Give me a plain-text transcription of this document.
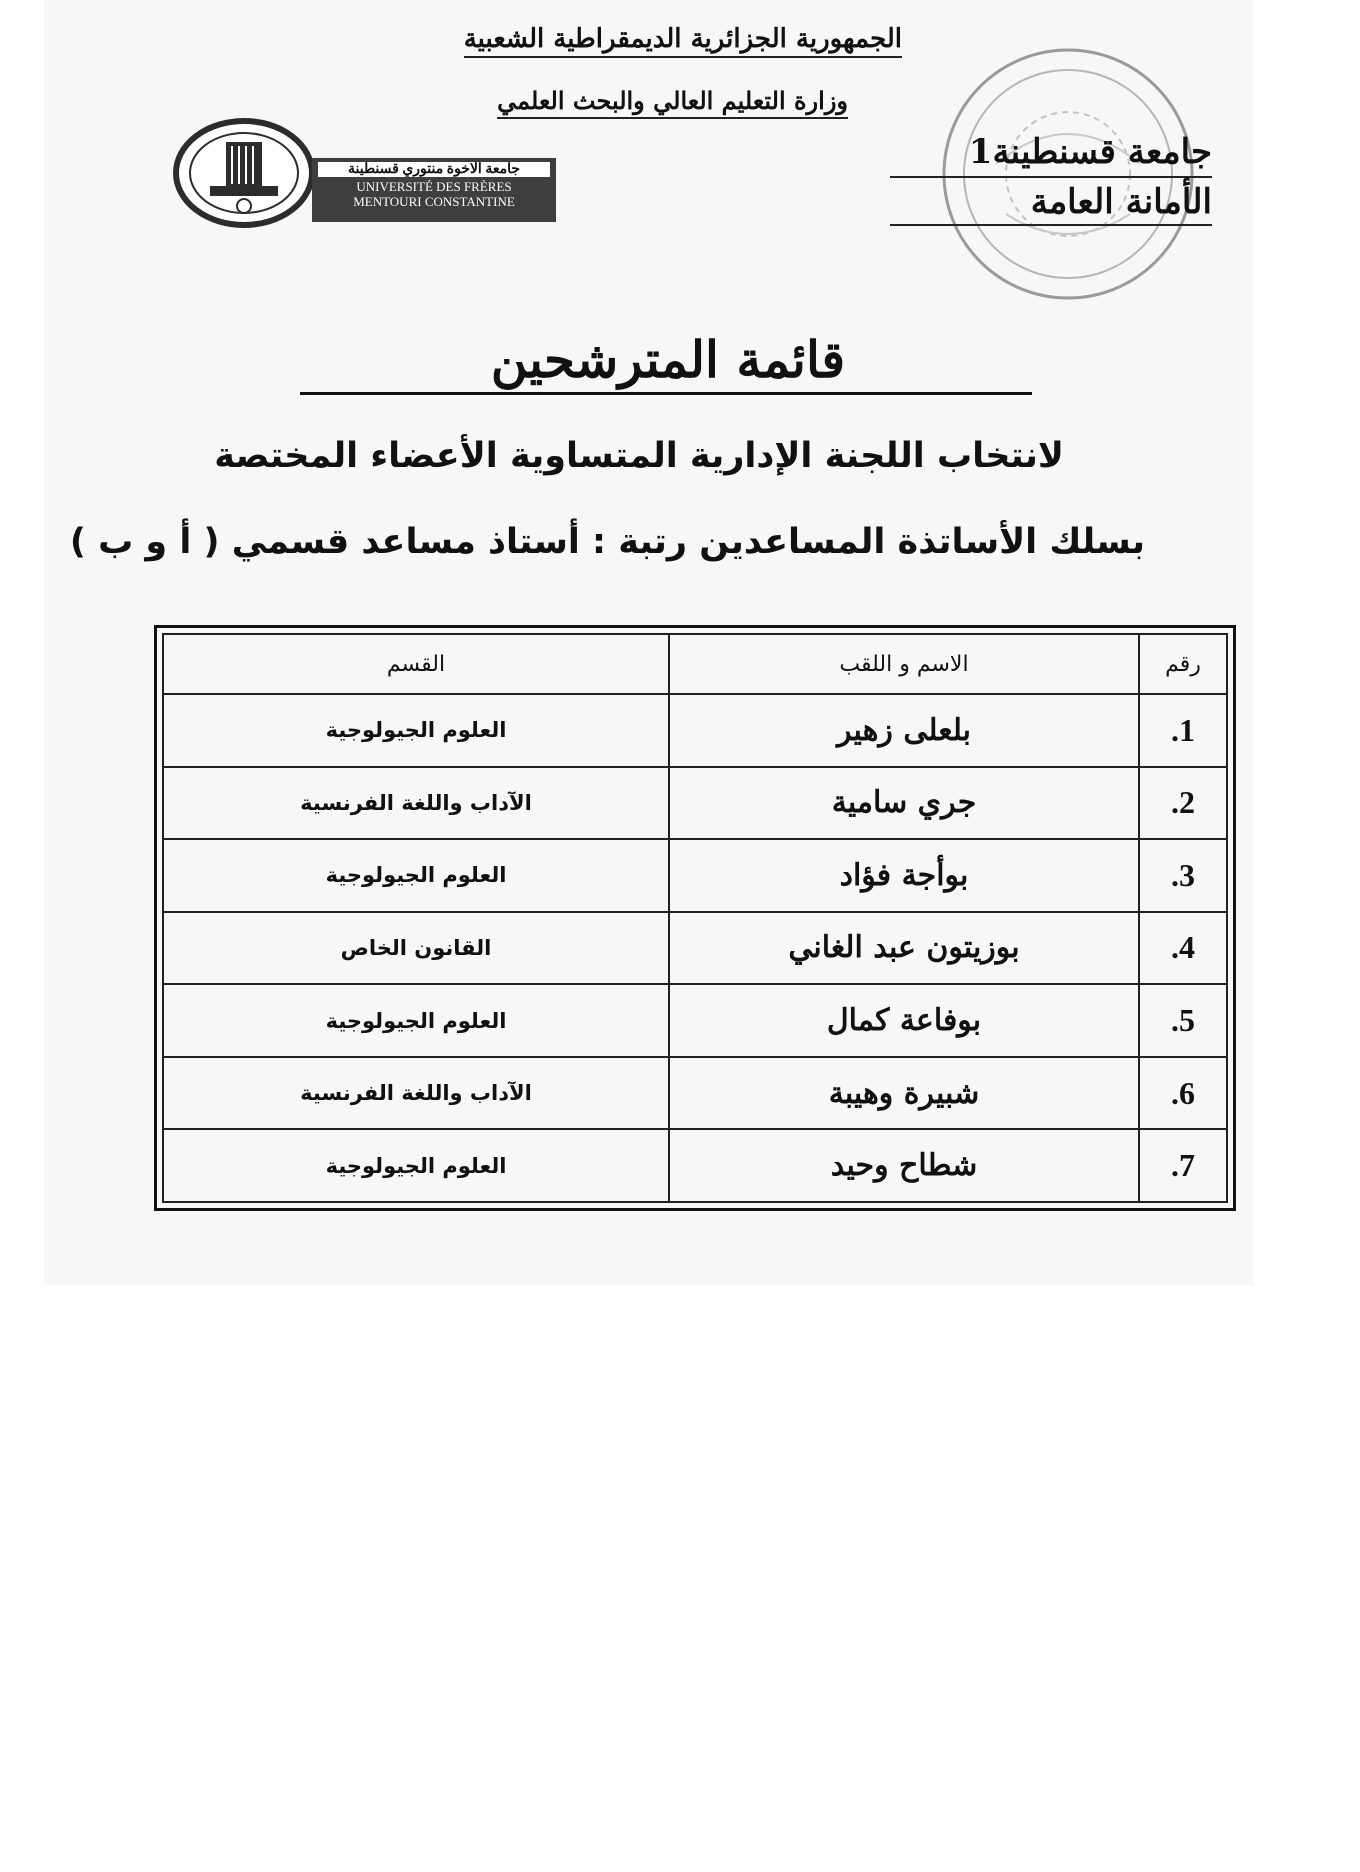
الجمهورية الجزائرية الديمقراطية الشعبية
وزارة التعليم العالي والبحث العلمي
جامعة قسنطينة1
الأمانة العامة
جامعة الاخوة منتوري قسنطينة
UNIVERSITÉ DES FRÈRES
MENTOURI CONSTANTINE
قائمة المترشحين
لانتخاب اللجنة الإدارية المتساوية الأعضاء المختصة
بسلك الأساتذة المساعدين رتبة : أستاذ مساعد قسمي ( أ و ب )
رقم	الاسم و اللقب	القسم
1.	بلعلى زهير	العلوم الجيولوجية
2.	جري سامية	الآداب واللغة الفرنسية
3.	بوأجة فؤاد	العلوم الجيولوجية
4.	بوزيتون عبد الغاني	القانون الخاص
5.	بوفاعة كمال	العلوم الجيولوجية
6.	شبيرة وهيبة	الآداب واللغة الفرنسية
7.	شطاح وحيد	العلوم الجيولوجية
